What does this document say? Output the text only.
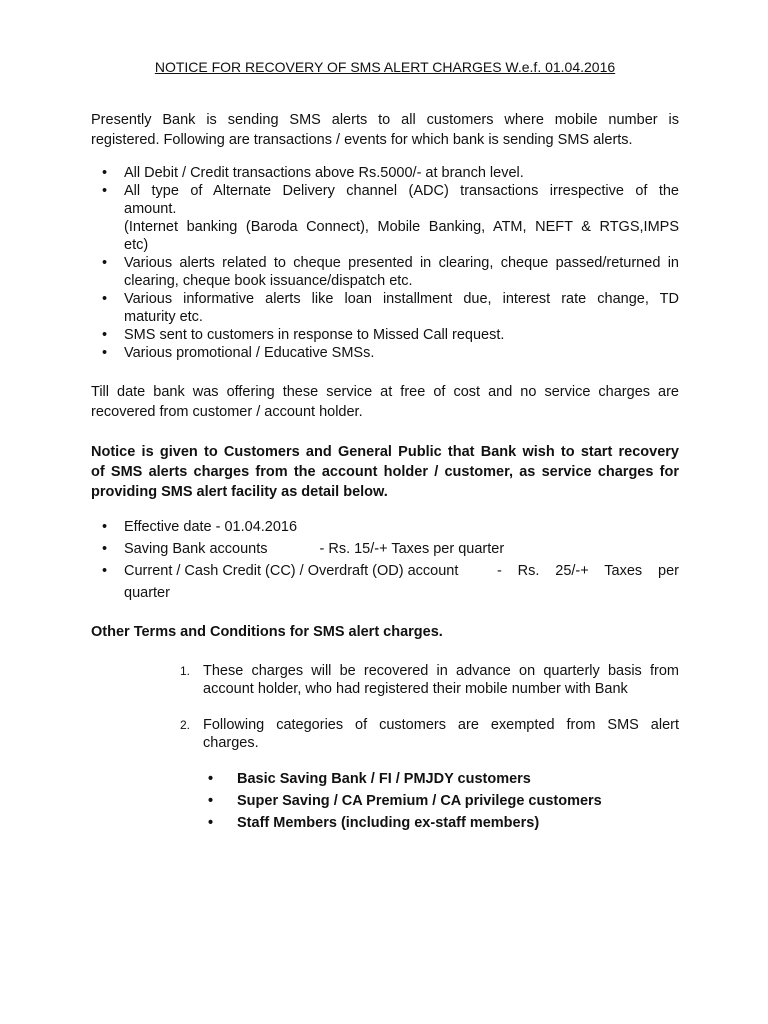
NOTICE FOR RECOVERY OF SMS ALERT CHARGES W.e.f. 01.04.2016

Presently Bank is sending SMS alerts to all customers where mobile number is

registered. Following are transactions / events for which bank is sending SMS alerts.

• All Debit / Credit transactions above Rs.5000/- at branch level.
• All type of Alternate Delivery channel (ADC) transactions irrespective of the
amount.
(Internet banking (Baroda Connect), Mobile Banking, ATM, NEFT & RTGS,IMPS
etc)
• Various alerts related to cheque presented in clearing, cheque passed/returned in
clearing, cheque book issuance/dispatch etc.
• Various informative alerts like loan installment due, interest rate change, TD
maturity etc.
• SMS sent to customers in response to Missed Call request.
• Various promotional / Educative SMSs.

Till date bank was offering these service at free of cost and no service charges are

recovered from customer / account holder.

Notice is given to Customers and General Public that Bank wish to start recovery

of SMS alerts charges from the account holder / customer, as service charges for

providing SMS alert facility as detail below.

• Effective date - 01.04.2016
• Saving Bank accounts	- Rs. 15/-+ Taxes per quarter
• Current / Cash Credit (CC) / Overdraft (OD) account	- Rs. 25/-+ Taxes per
quarter

Other Terms and Conditions for SMS alert charges.

1. These charges will be recovered in advance on quarterly basis from
account holder, who had registered their mobile number with Bank
2. Following categories of customers are exempted from SMS alert
charges.
• Basic Saving Bank / FI / PMJDY customers
• Super Saving / CA Premium / CA privilege customers
• Staff Members (including ex-staff members)
